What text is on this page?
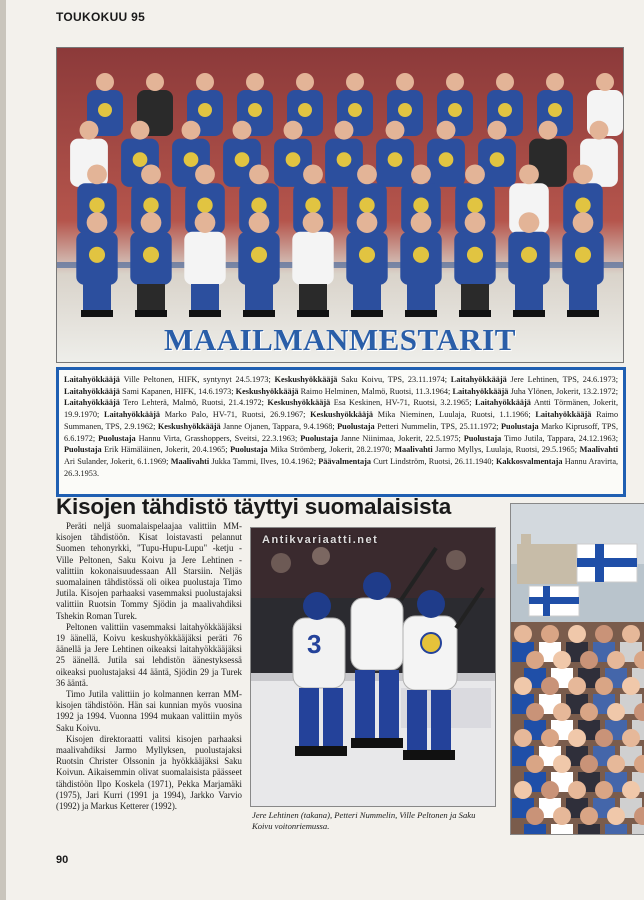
TOUKOKUU 95
MAAILMANMESTARIT
Laitahyökkääjä Ville Peltonen, HIFK, syntynyt 24.5.1973; Keskushyökkääjä Saku Koivu, TPS, 23.11.1974; Laitahyökkääjä Jere Lehtinen, TPS, 24.6.1973; Laitahyökkääjä Sami Kapanen, HIFK, 14.6.1973; Keskushyökkääjä Raimo Helminen, Malmö, Ruotsi, 11.3.1964; Laitahyökkääjä Juha Ylönen, Jokerit, 13.2.1972; Laitahyökkääjä Tero Lehterä, Malmö, Ruotsi, 21.4.1972; Keskushyökkääjä Esa Keskinen, HV-71, Ruotsi, 3.2.1965; Laitahyökkääjä Antti Törmänen, Jokerit, 19.9.1970; Laitahyökkääjä Marko Palo, HV-71, Ruotsi, 26.9.1967; Keskushyökkääjä Mika Nieminen, Luulaja, Ruotsi, 1.1.1966; Laitahyökkääjä Raimo Summanen, TPS, 2.9.1962; Keskushyökkääjä Janne Ojanen, Tappara, 9.4.1968; Puolustaja Petteri Nummelin, TPS, 25.11.1972; Puolustaja Marko Kiprusoff, TPS, 6.6.1972; Puolustaja Hannu Virta, Grasshoppers, Sveitsi, 22.3.1963; Puolustaja Janne Niinimaa, Jokerit, 22.5.1975; Puolustaja Timo Jutila, Tappara, 24.12.1963; Puolustaja Erik Hämäläinen, Jokerit, 20.4.1965; Puolustaja Mika Strömberg, Jokerit, 28.2.1970; Maalivahti Jarmo Myllys, Luulaja, Ruotsi, 29.5.1965; Maalivahti Ari Sulander, Jokerit, 6.1.1969; Maalivahti Jukka Tammi, Ilves, 10.4.1962; Päävalmentaja Curt Lindström, Ruotsi, 26.11.1940; Kakkosvalmentaja Hannu Aravirta, 26.3.1953.
Kisojen tähdistö täyttyi suomalaisista

Peräti neljä suomalaispelaajaa valittiin MM-kisojen tähdistöön. Kisat loistavasti pelannut Suomen tehonyrkki, "Tupu-Hupu-Lupu" -ketju - Ville Peltonen, Saku Koivu ja Jere Lehtinen - valittiin kokonaisuudessaan All Starsiin. Neljäs suomalainen tähdistössä oli oikea puolustaja Timo Jutila. Kisojen parhaaksi vasemmaksi puolustajaksi valittiin Ruotsin Tommy Sjödin ja maalivahdiksi Tshekin Roman Turek.

Peltonen valittiin vasemmaksi laitahyökkääjäksi 19 äänellä, Koivu keskushyökkääjäksi peräti 76 äänellä ja Jere Lehtinen oikeaksi laitahyökkääjäksi 25 äänellä. Jutila sai lehdistön äänestyksessä oikeaksi puolustajaksi 44 ääntä, Sjödin 29 ja Turek 36 ääntä.

Timo Jutila valittiin jo kolmannen kerran MM-kisojen tähdistöön. Hän sai kunnian myös vuosina 1992 ja 1994. Vuonna 1994 mukaan valittiin myös Saku Koivu.

Kisojen direktoraatti valitsi kisojen parhaaksi maalivahdiksi Jarmo Myllyksen, puolustajaksi Ruotsin Christer Olssonin ja hyökkääjäksi Saku Koivun. Aikaisemmin olivat suomalaisista päässeet tähdistöön Ilpo Koskela (1971), Pekka Marjamäki (1975), Jari Kurri (1991 ja 1994), Jarkko Varvio (1992) ja Markus Ketterer (1992).

3
Antikvariaatti.net
Jere Lehtinen (takana), Petteri Nummelin, Ville Peltonen ja Saku Koivu voitonriemussa.
90
